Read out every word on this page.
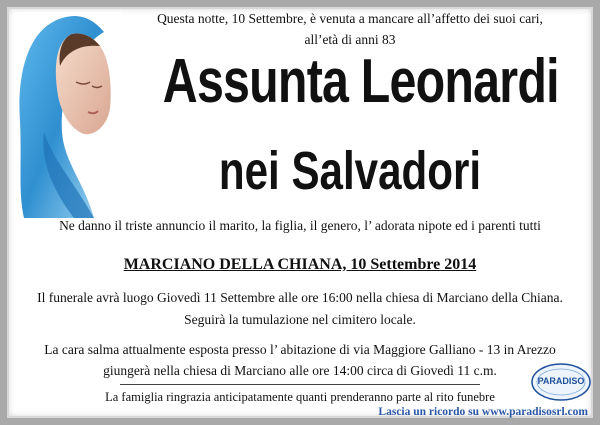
Questa notte, 10 Settembre, è venuta a mancare all’affetto dei suoi cari,
all’età di anni 83
Assunta Leonardi
nei Salvadori
Ne danno il triste annuncio il marito, la figlia, il genero, l’ adorata nipote ed i parenti tutti
MARCIANO DELLA CHIANA, 10 Settembre 2014
Il funerale avrà luogo Giovedì 11 Settembre alle ore 16:00 nella chiesa di Marciano della Chiana.
Seguirà la tumulazione nel cimitero locale.
La cara salma attualmente esposta presso l’ abitazione di via Maggiore Galliano - 13 in Arezzo
giungerà nella chiesa di Marciano alle ore 14:00 circa di Giovedì 11 c.m.
La famiglia ringrazia anticipatamente quanti prenderanno parte al rito funebre
PARADISO
Lascia un ricordo su www.paradisosrl.com
